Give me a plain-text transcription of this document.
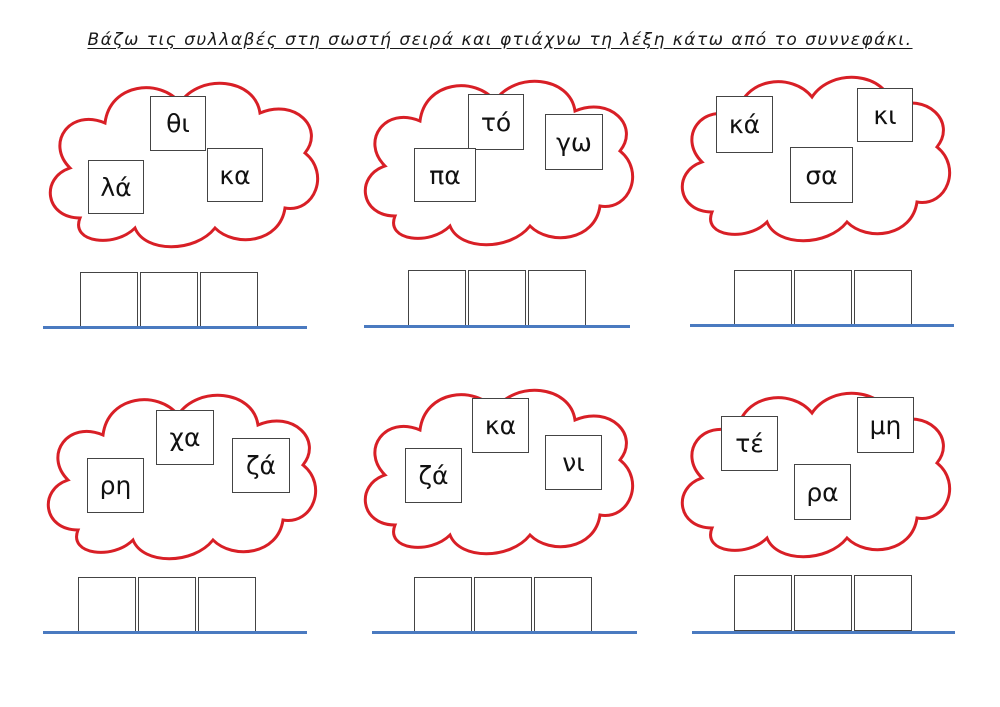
Βάζω τις συλλαβές στη σωστή σειρά και φτιάχνω τη λέξη κάτω από το συννεφάκι.
θι
κα
λά
τό
γω
πα
κά	κι
σα
χα
ζά
ρη
κα
νι
ζά
μη
τέ
ρα
